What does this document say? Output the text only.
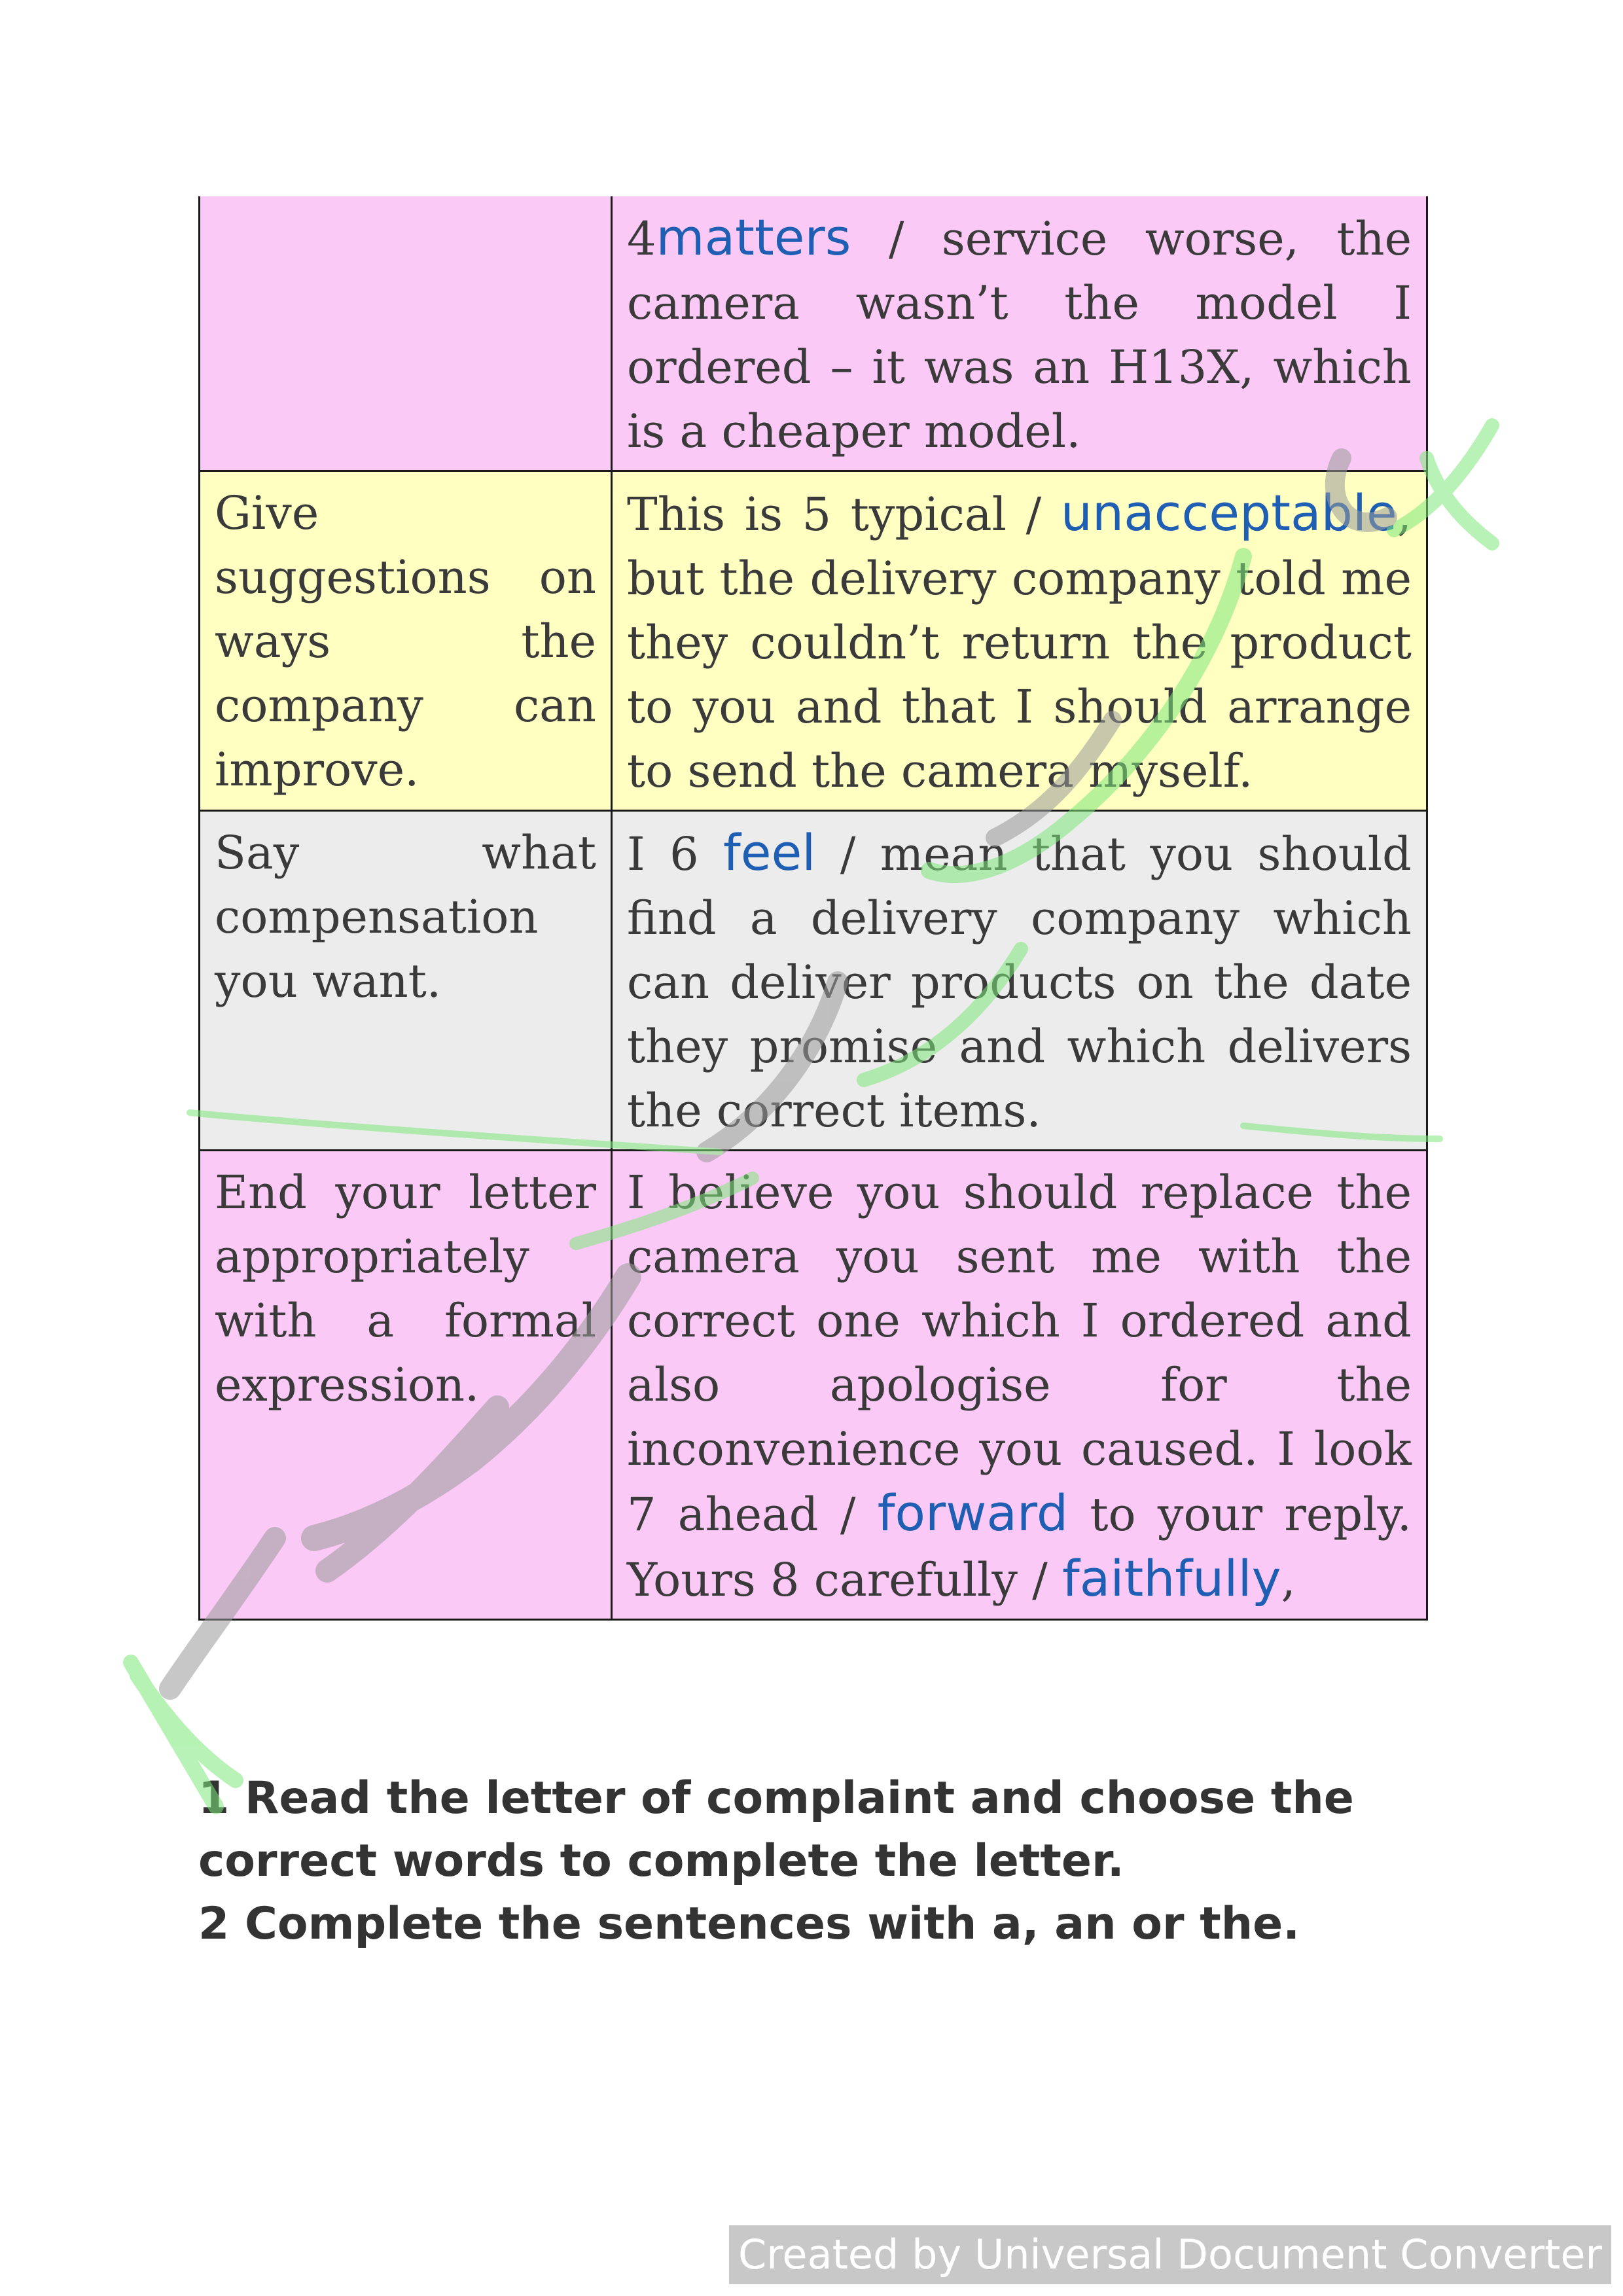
	4matters / service worse, the camera wasn’t the model I ordered – it was an H13X, which is a cheaper model.
Give suggestions on ways the company can improve.	This is 5 typical / unacceptable, but the delivery company told me they couldn’t return the product to you and that I should arrange to send the camera myself.
Say what compensation you want.	I 6 feel / mean that you should find a delivery company which can deliver products on the date they promise and which delivers the correct items.
End your letter appropriately with a formal expression.	I believe you should replace the camera you sent me with the correct one which I ordered and also apologise for the inconvenience you caused. I look 7 ahead / forward to your reply. Yours 8 carefully / faithfully,
1 Read the letter of complaint and choose the
correct words to complete the letter.
2 Complete the sentences with a, an or the.
Created by Universal Document Converter
